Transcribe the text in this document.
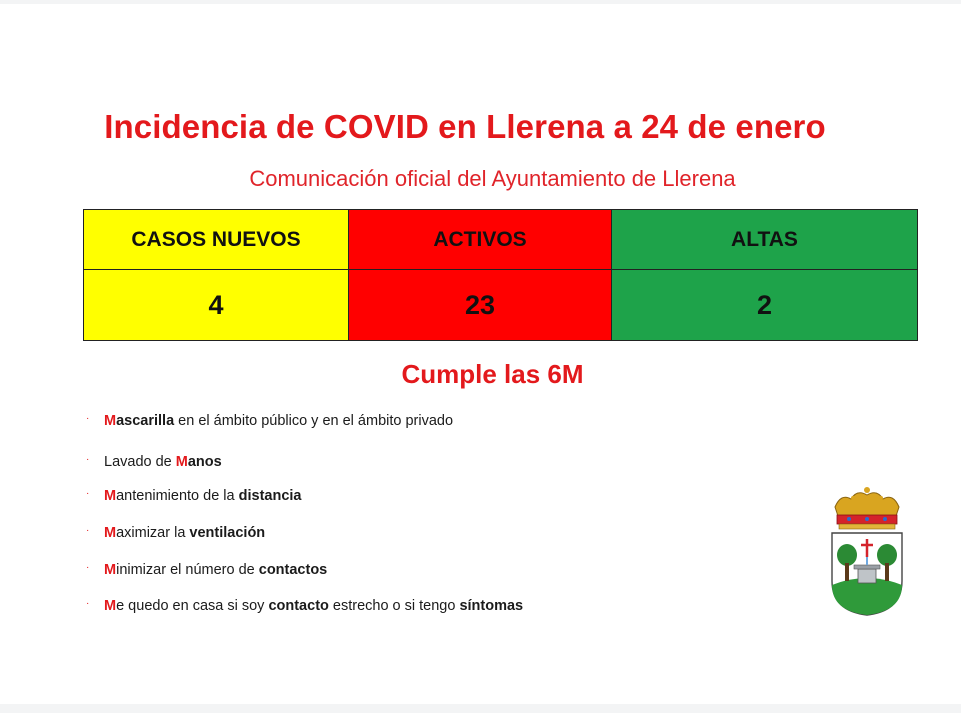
Incidencia de COVID en Llerena a 24 de enero
Comunicación oficial del Ayuntamiento de Llerena
CASOS NUEVOS	ACTIVOS	ALTAS
4	23	2
Cumple las 6M
· Mascarilla en el ámbito público y en el ámbito privado
· Lavado de Manos
· Mantenimiento de la distancia
· Maximizar la ventilación
· Minimizar el número de contactos
· Me quedo en casa si soy contacto estrecho o si tengo síntomas
